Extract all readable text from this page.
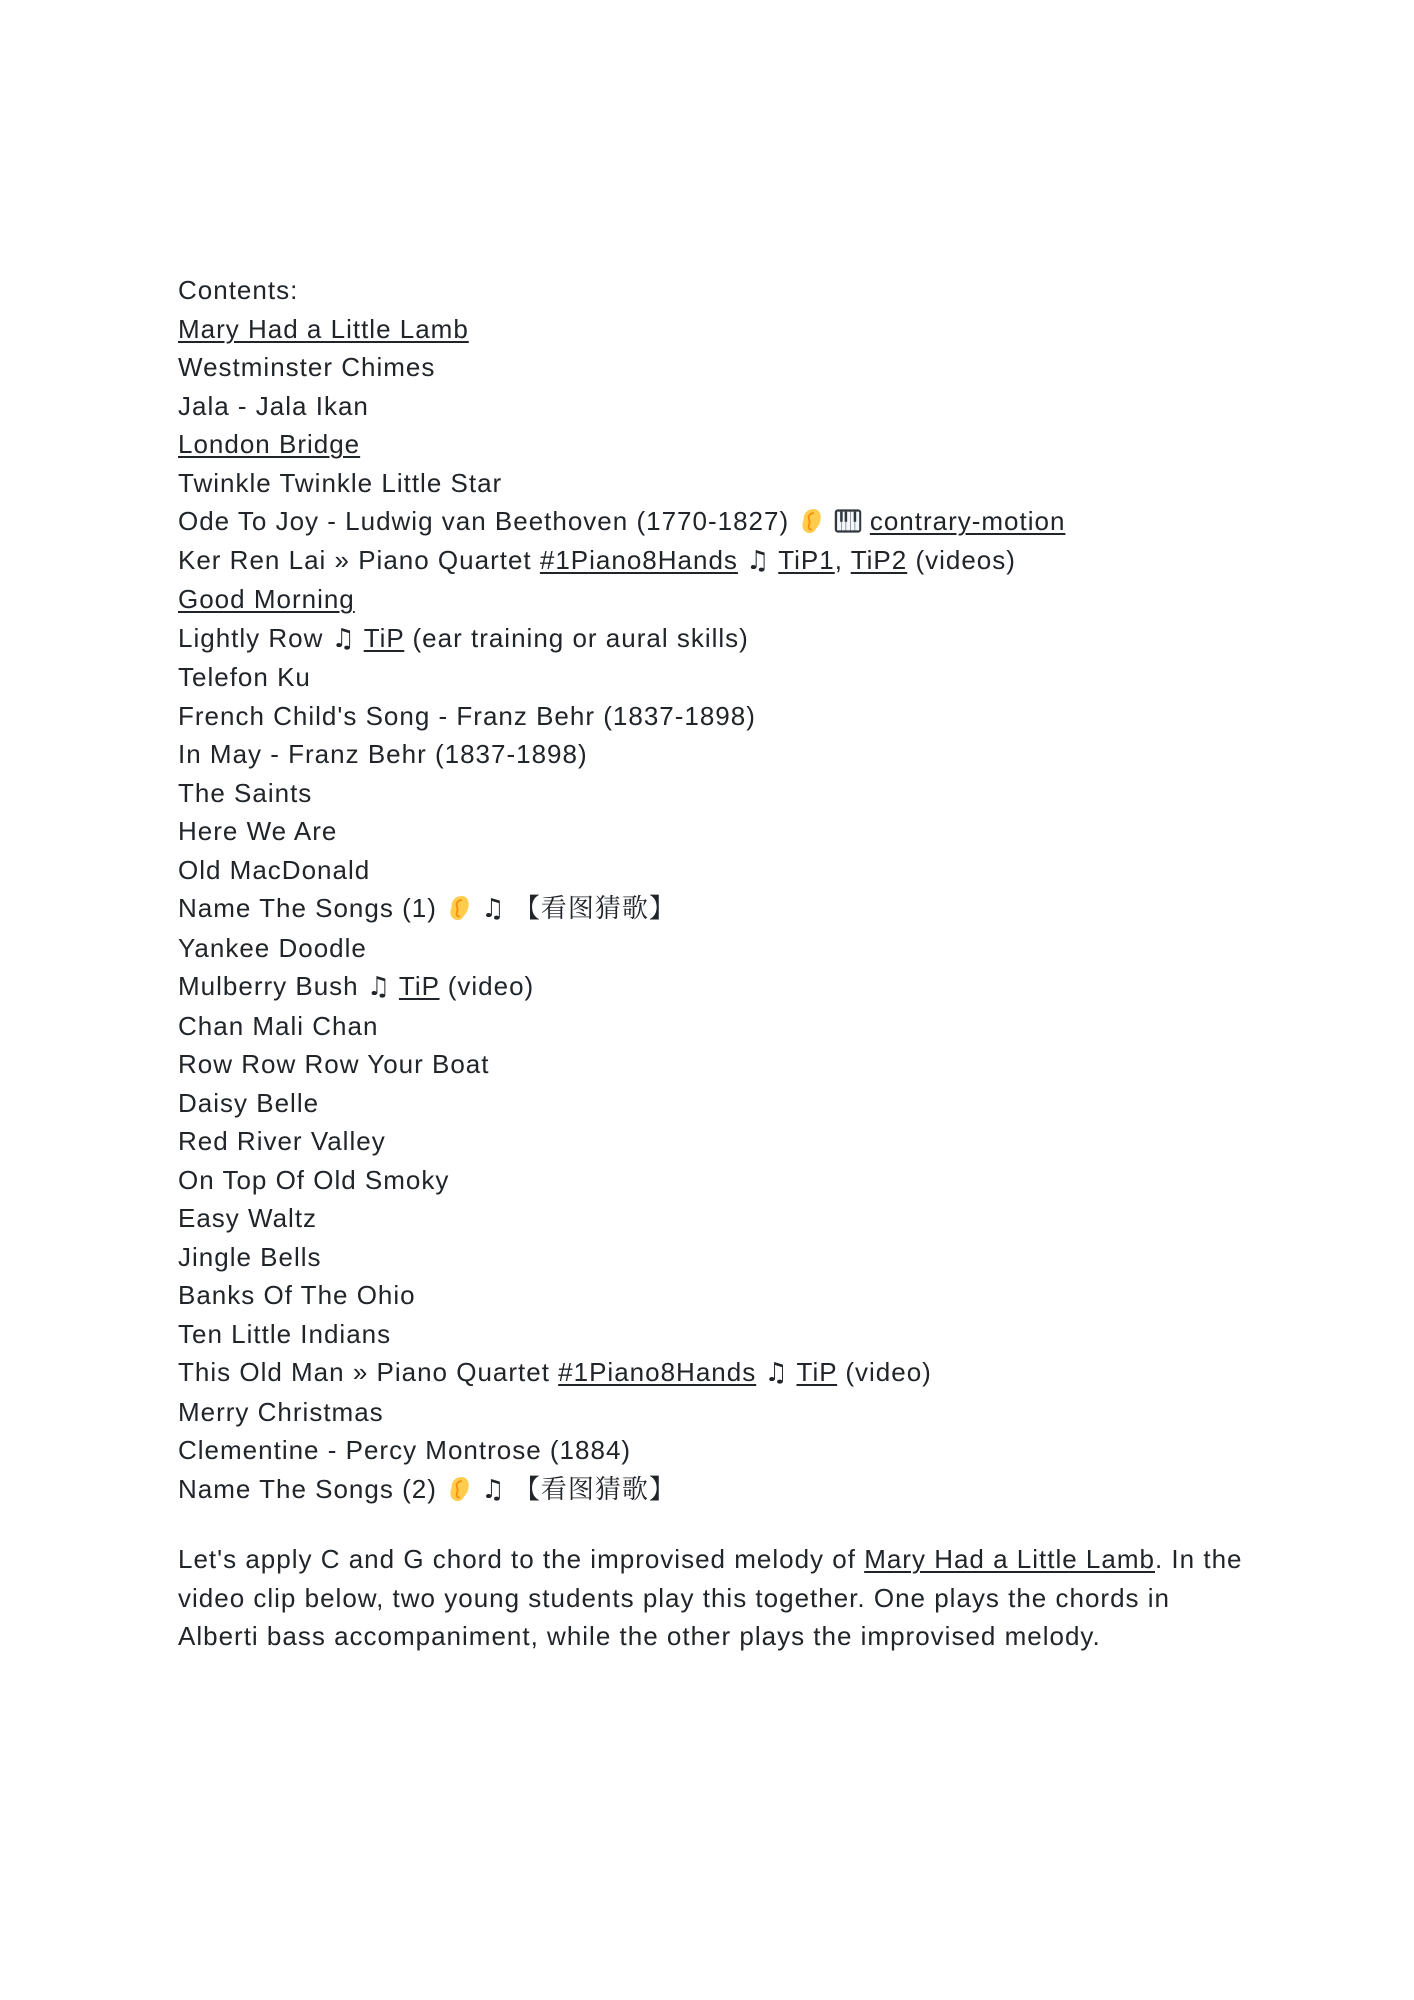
Contents:
Mary Had a Little Lamb
Westminster Chimes
Jala - Jala Ikan
London Bridge
Twinkle Twinkle Little Star
Ode To Joy - Ludwig van Beethoven (1770-1827)
	contrary-motion
Ker Ren Lai » Piano Quartet #1Piano8Hands ♫ TiP1, TiP2 (videos)
Good Morning
Lightly Row ♫ TiP (ear training or aural skills)
Telefon Ku
French Child's Song - Franz Behr (1837-1898)
In May - Franz Behr (1837-1898)
The Saints
Here We Are
Old MacDonald
Name The Songs (1)
♫ 【看图猜歌】
Yankee Doodle
Mulberry Bush ♫ TiP (video)
Chan Mali Chan
Row Row Row Your Boat
Daisy Belle
Red River Valley
On Top Of Old Smoky
Easy Waltz
Jingle Bells
Banks Of The Ohio
Ten Little Indians
This Old Man » Piano Quartet #1Piano8Hands ♫ TiP (video)
Merry Christmas
Clementine - Percy Montrose (1884)
Name The Songs (2)
♫ 【看图猜歌】

Let's apply C and G chord to the improvised melody of Mary Had a Little Lamb. In the video clip below, two young students play this together. One plays the chords in Alberti bass accompaniment, while the other plays the improvised melody.
